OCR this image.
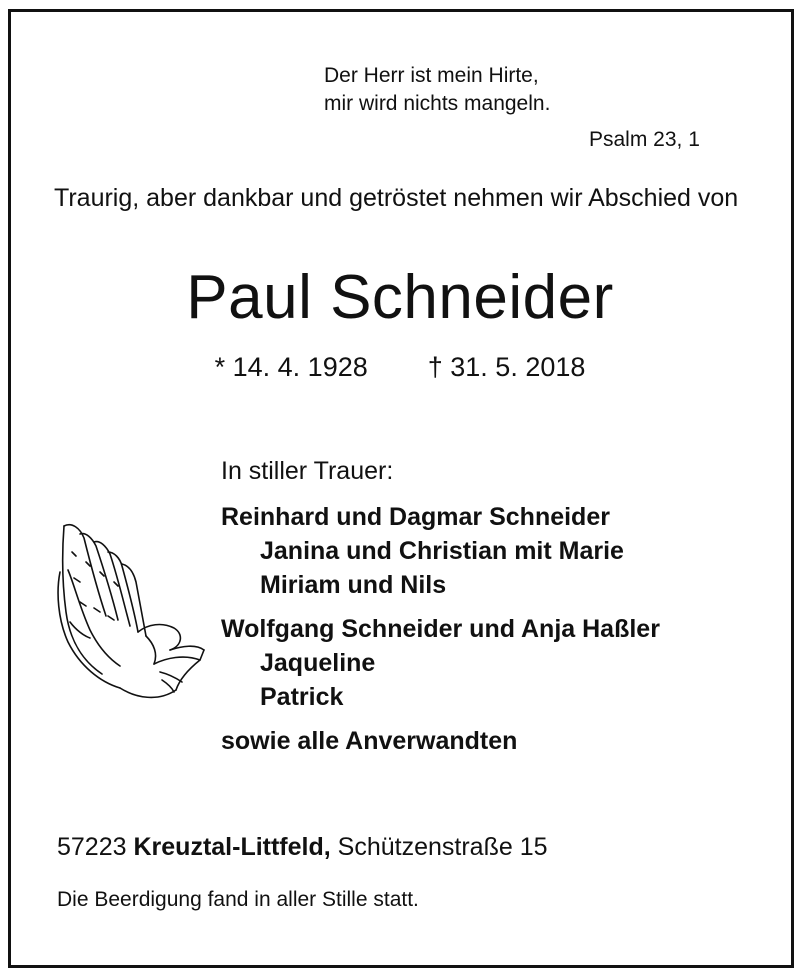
Der Herr ist mein Hirte,
mir wird nichts mangeln.
Psalm 23, 1
Traurig, aber dankbar und getröstet nehmen wir Abschied von
Paul Schneider
* 14. 4. 1928 † 31. 5. 2018
In stiller Trauer:
Reinhard und Dagmar Schneider
Janina und Christian mit Marie
Miriam und Nils
Wolfgang Schneider und Anja Haßler
Jaqueline
Patrick
sowie alle Anverwandten
57223 Kreuztal-Littfeld, Schützenstraße 15
Die Beerdigung fand in aller Stille statt.
